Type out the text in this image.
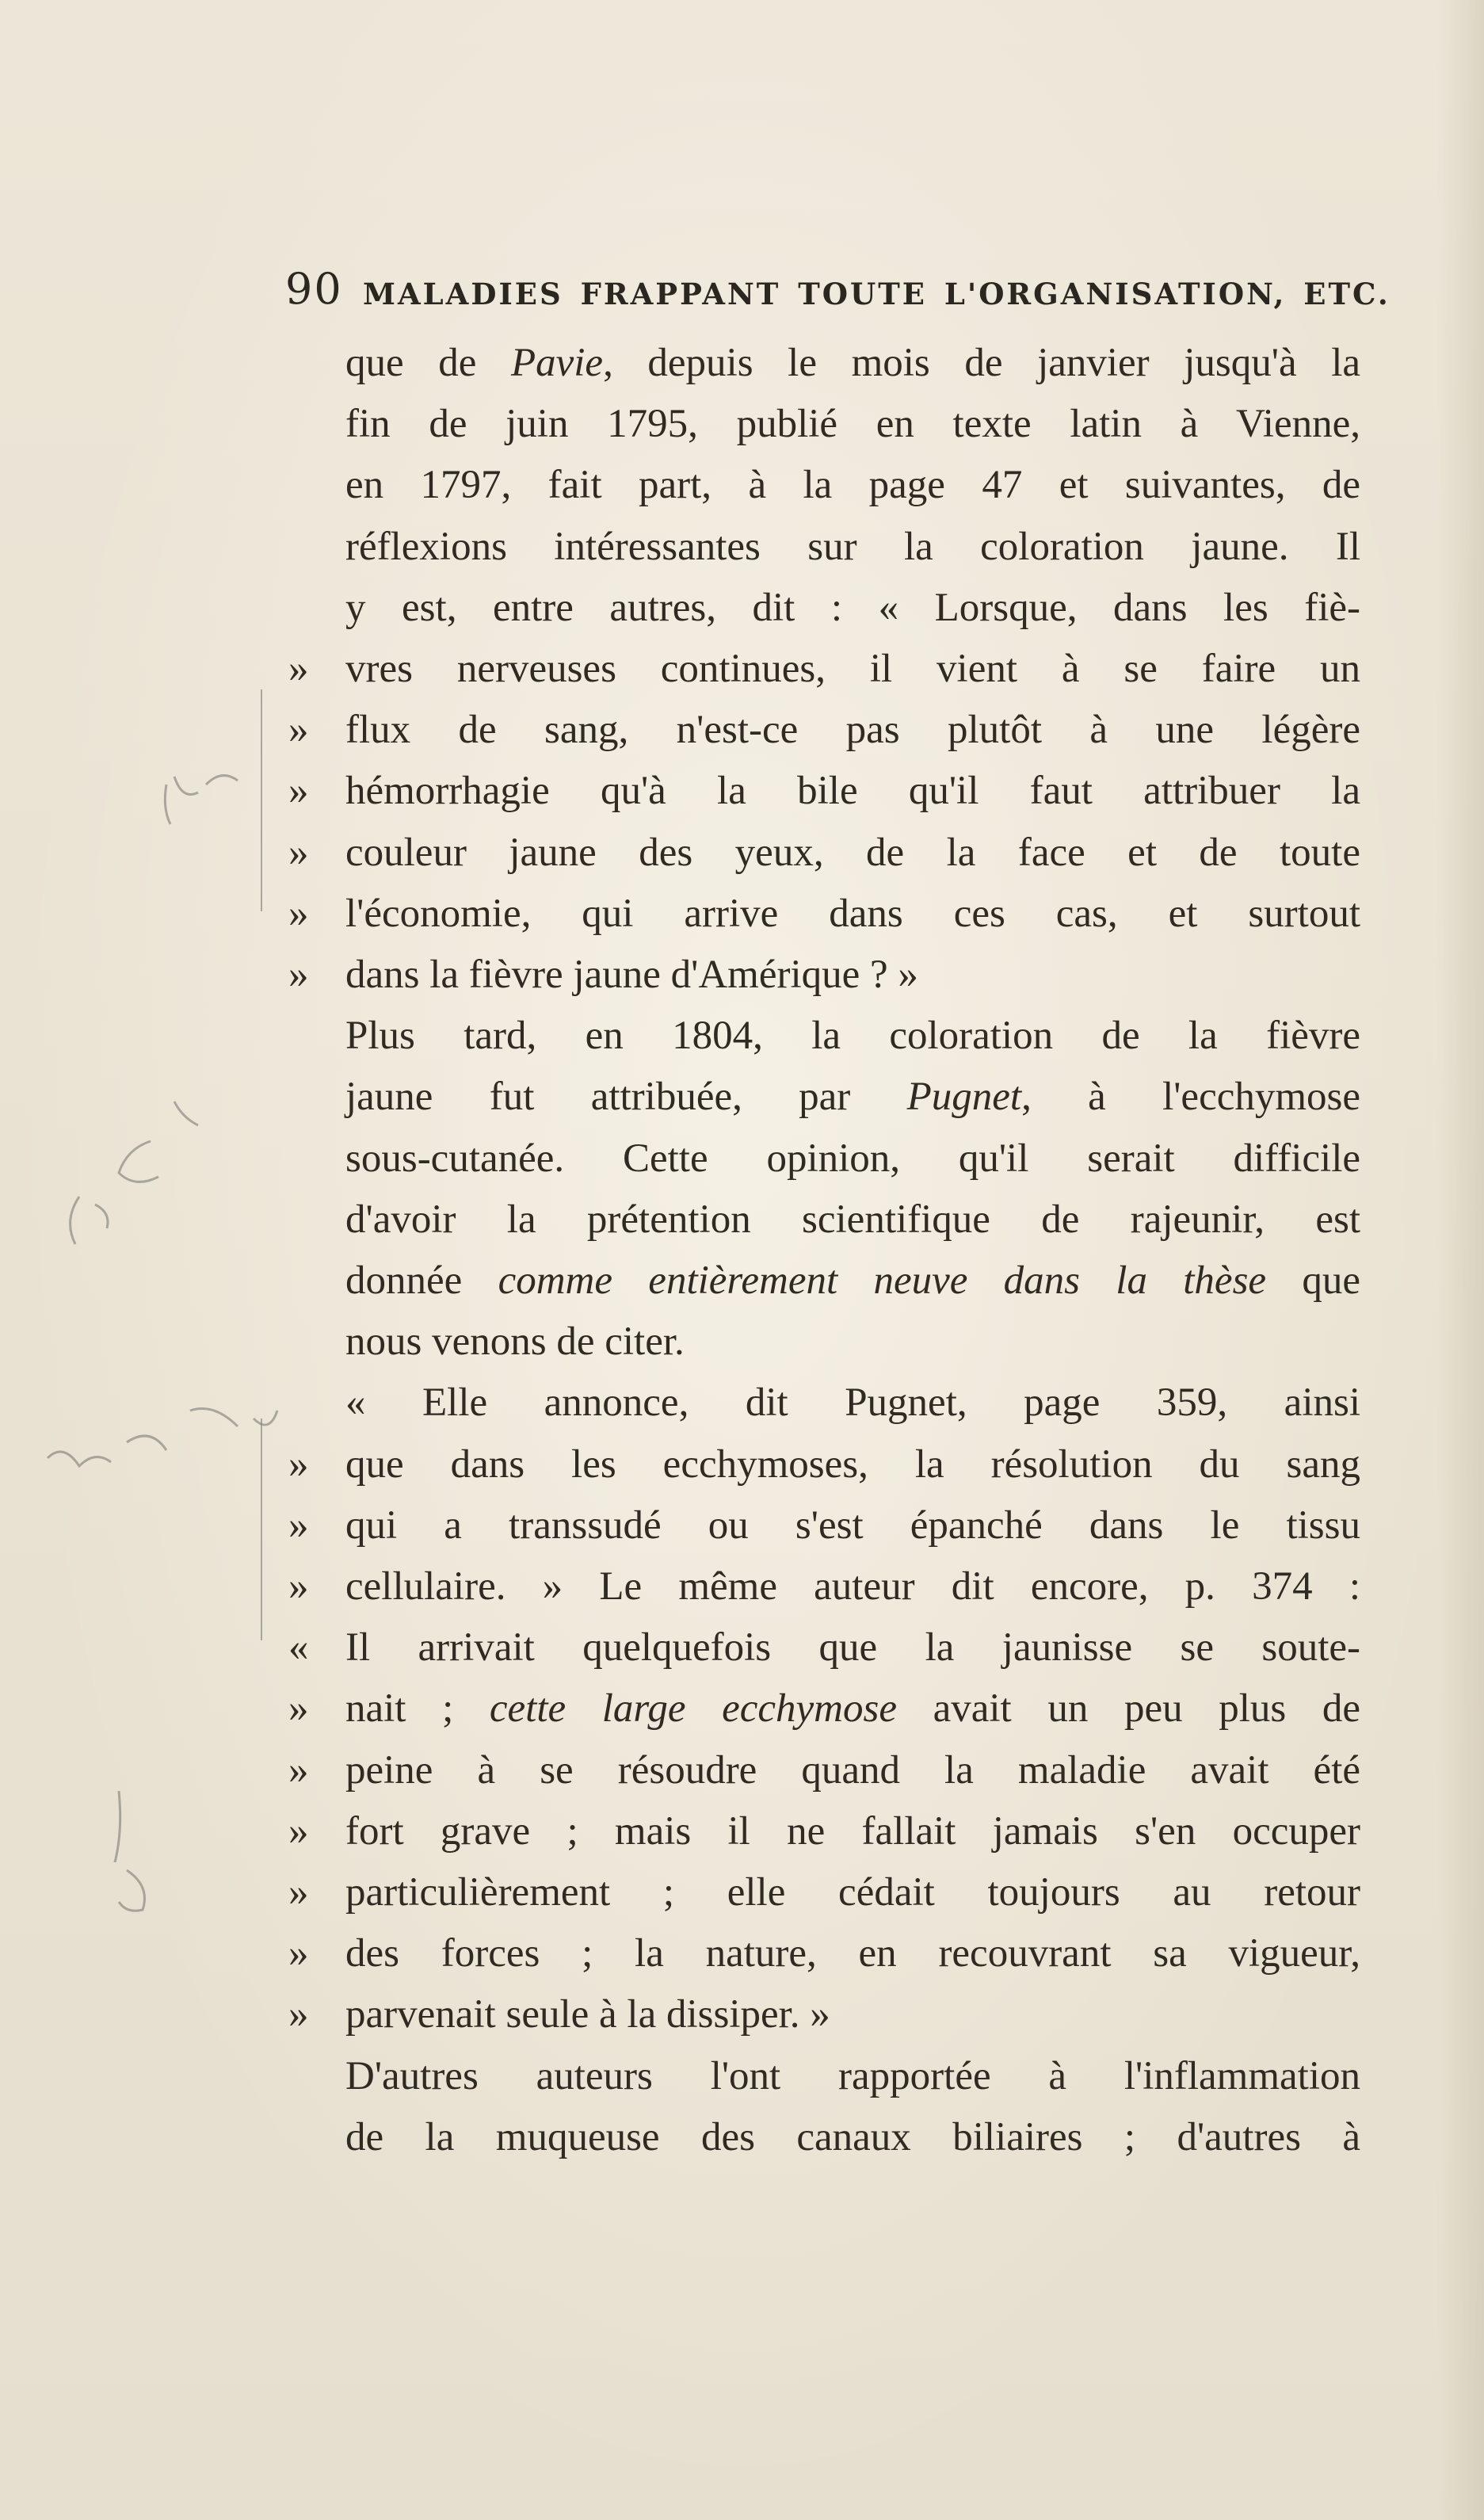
90 MALADIES FRAPPANT TOUTE L'ORGANISATION, ETC.
que de Pavie, depuis le mois de janvier jusqu'à la
fin de juin 1795, publié en texte latin à Vienne,
en 1797, fait part, à la page 47 et suivantes, de
réflexions intéressantes sur la coloration jaune. Il
y est, entre autres, dit : « Lorsque, dans les fiè-
» vres nerveuses continues, il vient à se faire un
» flux de sang, n'est-ce pas plutôt à une légère
» hémorrhagie qu'à la bile qu'il faut attribuer la
» couleur jaune des yeux, de la face et de toute
» l'économie, qui arrive dans ces cas, et surtout
» dans la fièvre jaune d'Amérique ? »
Plus tard, en 1804, la coloration de la fièvre
jaune fut attribuée, par Pugnet, à l'ecchymose
sous-cutanée. Cette opinion, qu'il serait difficile
d'avoir la prétention scientifique de rajeunir, est
donnée comme entièrement neuve dans la thèse que
nous venons de citer.
« Elle annonce, dit Pugnet, page 359, ainsi
» que dans les ecchymoses, la résolution du sang
» qui a transsudé ou s'est épanché dans le tissu
» cellulaire. » Le même auteur dit encore, p. 374 :
« Il arrivait quelquefois que la jaunisse se soute-
» nait ; cette large ecchymose avait un peu plus de
» peine à se résoudre quand la maladie avait été
» fort grave ; mais il ne fallait jamais s'en occuper
» particulièrement ; elle cédait toujours au retour
» des forces ; la nature, en recouvrant sa vigueur,
» parvenait seule à la dissiper. »
D'autres auteurs l'ont rapportée à l'inflammation
de la muqueuse des canaux biliaires ; d'autres à
